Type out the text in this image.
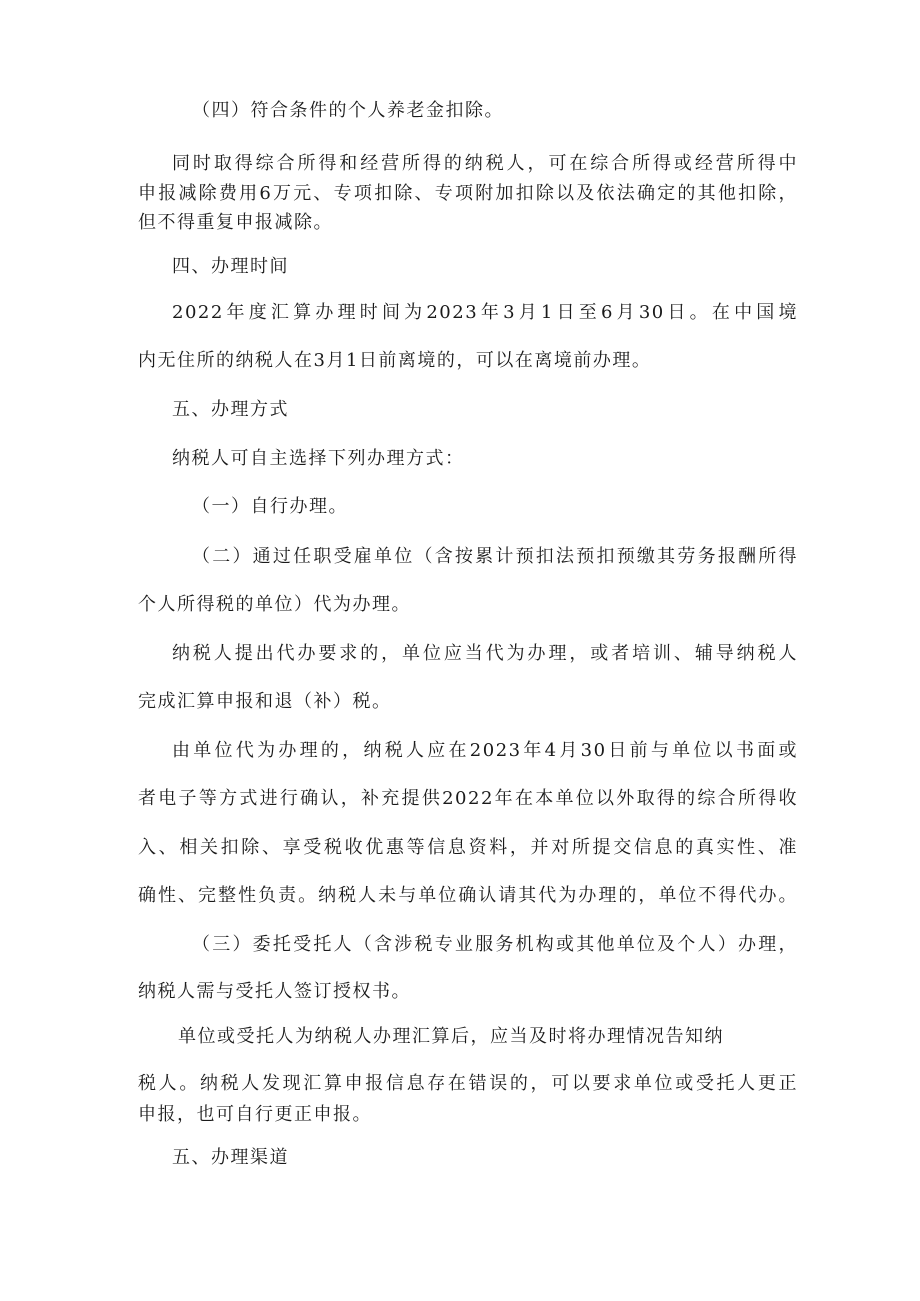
（四）符合条件的个人养老金扣除。
同时取得综合所得和经营所得的纳税人，可在综合所得或经营所得中
申报减除费用6万元、专项扣除、专项附加扣除以及依法确定的其他扣除，
但不得重复申报减除。
四、办理时间
2022年度汇算办理时间为2023年3月1日至6月30日。在中国境
内无住所的纳税人在3月1日前离境的，可以在离境前办理。
五、办理方式
纳税人可自主选择下列办理方式：
（一）自行办理。
（二）通过任职受雇单位（含按累计预扣法预扣预缴其劳务报酬所得
个人所得税的单位）代为办理。
纳税人提出代办要求的，单位应当代为办理，或者培训、辅导纳税人
完成汇算申报和退（补）税。
由单位代为办理的，纳税人应在2023年4月30日前与单位以书面或
者电子等方式进行确认，补充提供2022年在本单位以外取得的综合所得收
入、相关扣除、享受税收优惠等信息资料，并对所提交信息的真实性、准
确性、完整性负责。纳税人未与单位确认请其代为办理的，单位不得代办。
（三）委托受托人（含涉税专业服务机构或其他单位及个人）办理，
纳税人需与受托人签订授权书。
单位或受托人为纳税人办理汇算后，应当及时将办理情况告知纳
税人。纳税人发现汇算申报信息存在错误的，可以要求单位或受托人更正
申报，也可自行更正申报。
五、办理渠道
